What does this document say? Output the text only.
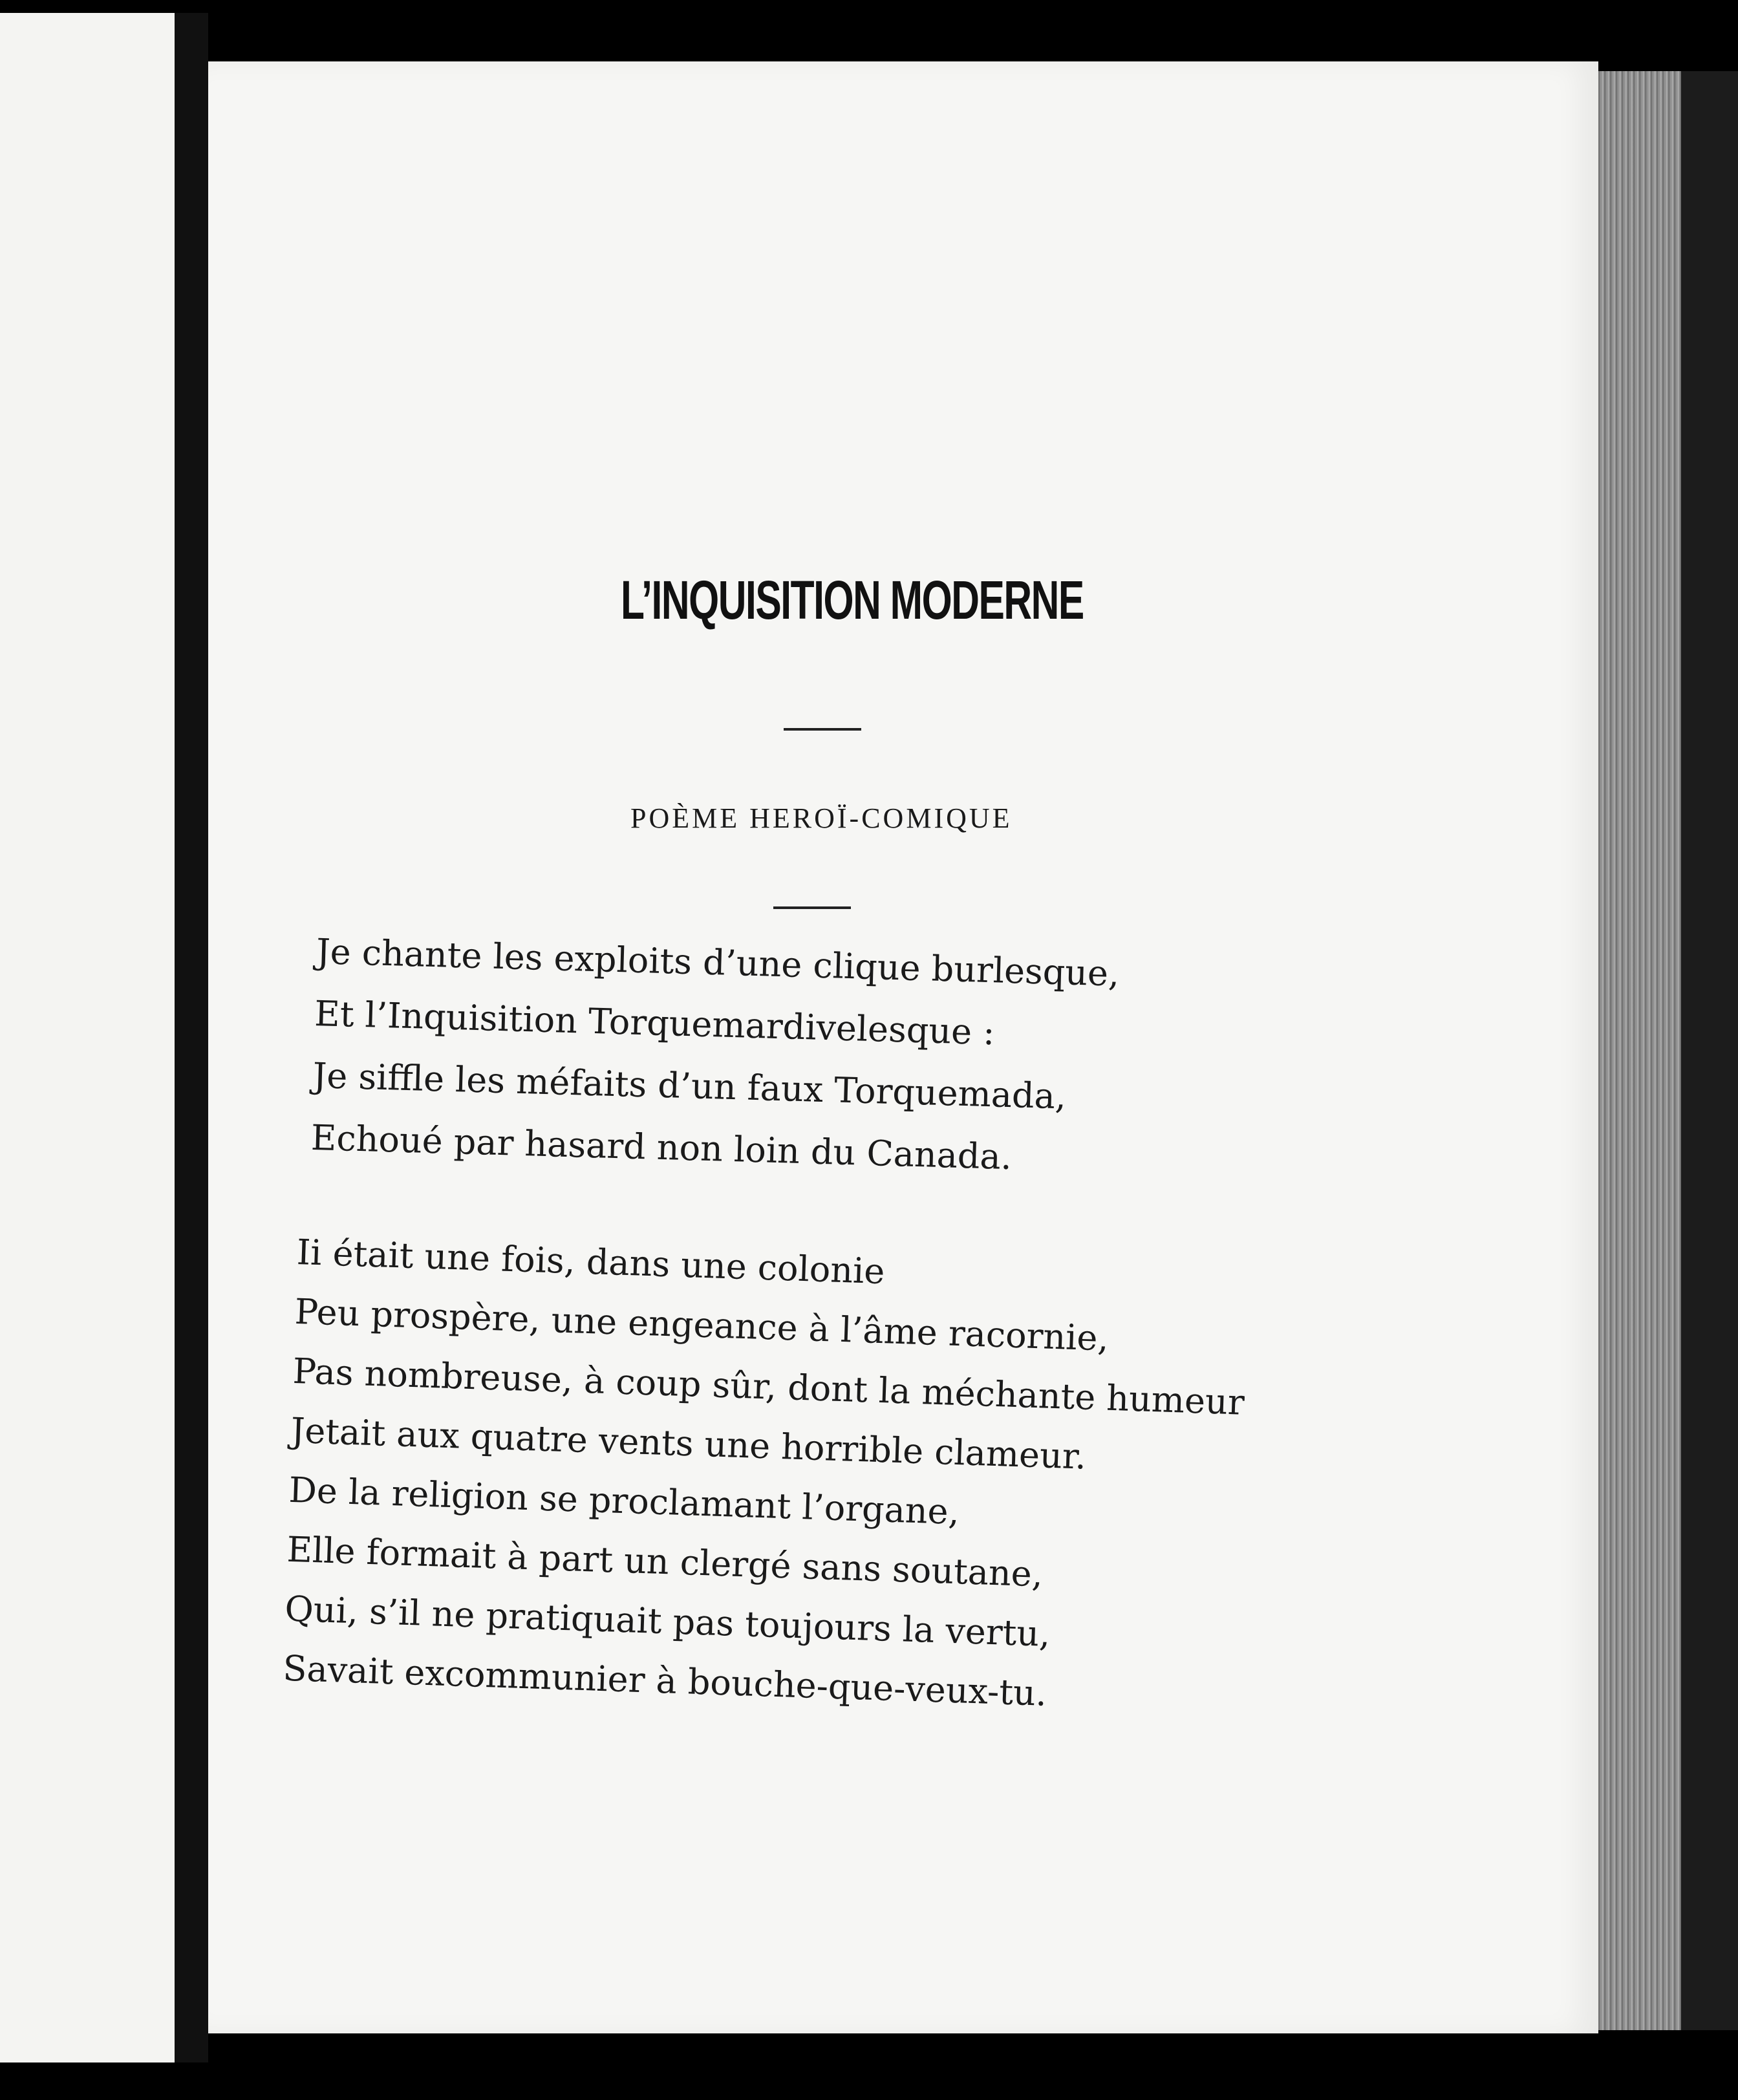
L’INQUISITION MODERNE
POÈME HEROÏ-COMIQUE
Je chante les exploits d’une clique burlesque,
Et l’Inquisition Torquemardivelesque :
Je siffle les méfaits d’un faux Torquemada,
Echoué par hasard non loin du Canada.
Ii était une fois, dans une colonie
Peu prospère, une engeance à l’âme racornie,
Pas nombreuse, à coup sûr, dont la méchante humeur
Jetait aux quatre vents une horrible clameur.
De la religion se proclamant l’organe,
Elle formait à part un clergé sans soutane,
Qui, s’il ne pratiquait pas toujours la vertu,
Savait excommunier à bouche-que-veux-tu.
